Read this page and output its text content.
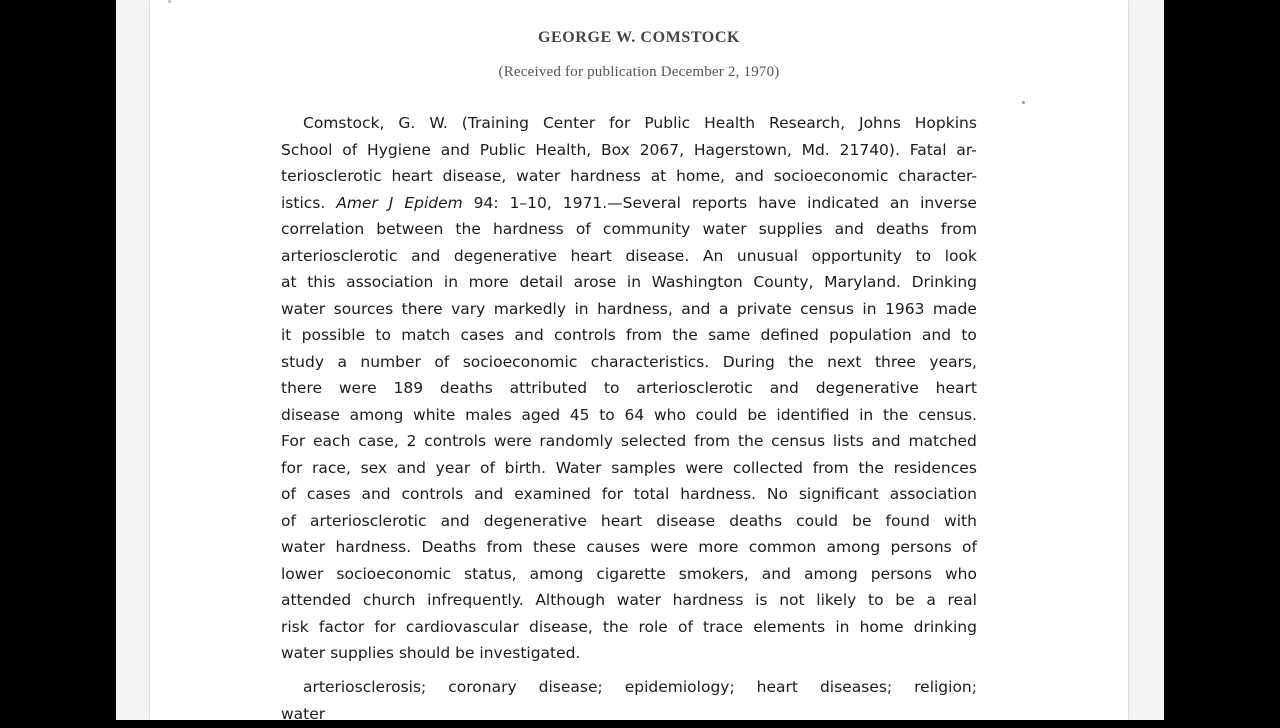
GEORGE W. COMSTOCK
(Received for publication December 2, 1970)
Comstock, G. W. (Training Center for Public Health Research, Johns Hopkins
School of Hygiene and Public Health, Box 2067, Hagerstown, Md. 21740). Fatal ar-
teriosclerotic heart disease, water hardness at home, and socioeconomic character-
istics. Amer J Epidem 94: 1–10, 1971.—Several reports have indicated an inverse
correlation between the hardness of community water supplies and deaths from
arteriosclerotic and degenerative heart disease. An unusual opportunity to look
at this association in more detail arose in Washington County, Maryland. Drinking
water sources there vary markedly in hardness, and a private census in 1963 made
it possible to match cases and controls from the same defined population and to
study a number of socioeconomic characteristics. During the next three years,
there were 189 deaths attributed to arteriosclerotic and degenerative heart
disease among white males aged 45 to 64 who could be identified in the census.
For each case, 2 controls were randomly selected from the census lists and matched
for race, sex and year of birth. Water samples were collected from the residences
of cases and controls and examined for total hardness. No significant association
of arteriosclerotic and degenerative heart disease deaths could be found with
water hardness. Deaths from these causes were more common among persons of
lower socioeconomic status, among cigarette smokers, and among persons who
attended church infrequently. Although water hardness is not likely to be a real
risk factor for cardiovascular disease, the role of trace elements in home drinking
water supplies should be investigated.
arteriosclerosis; coronary disease; epidemiology; heart diseases; religion;
water
